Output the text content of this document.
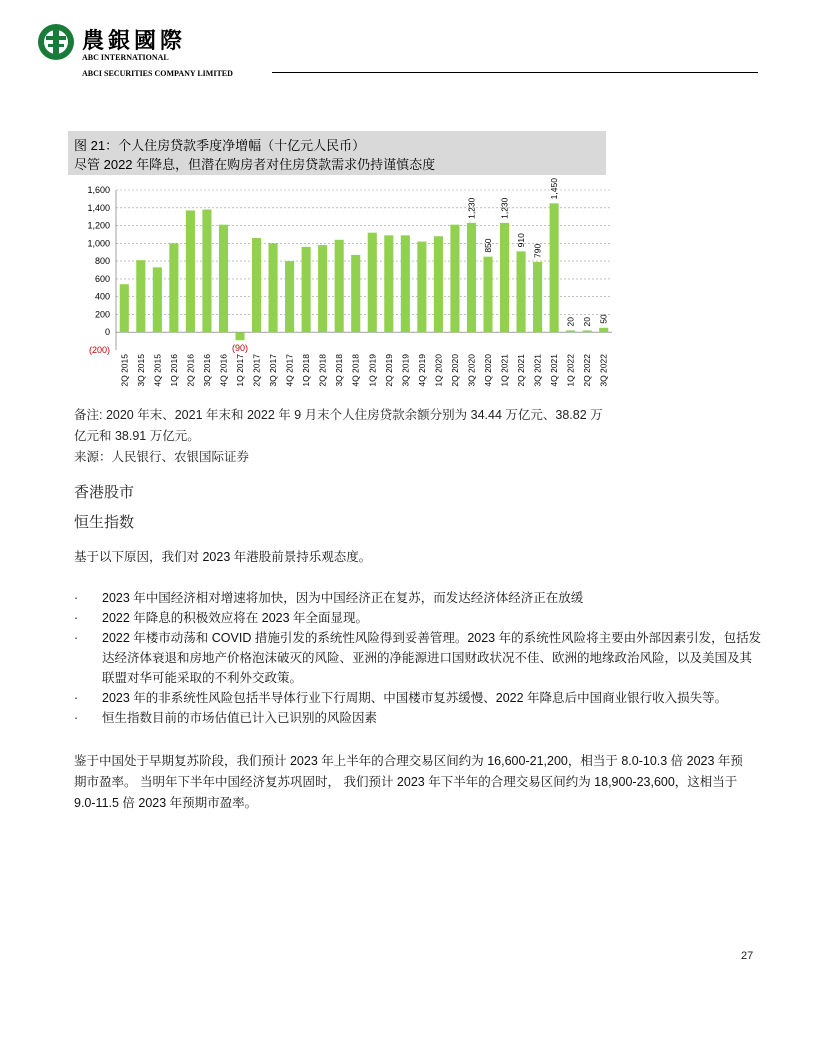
農銀國際
ABC INTERNATIONAL
ABCI SECURITIES COMPANY LIMITED
图 21：个人住房贷款季度净增幅（十亿元人民币）
尽管 2022 年降息，但潜在购房者对住房贷款需求仍持谨慎态度
(200)
0
200
400
600
800
1,000
1,200
1,400
1,600
2Q 2015 3Q 2015 4Q 2015 1Q 2016 2Q 2016 3Q 2016 4Q 2016 1Q 2017
(90)
2Q 2017 3Q 2017 4Q 2017 1Q 2018 2Q 2018 3Q 2018 4Q 2018 1Q 2019 2Q 2019 3Q 2019 4Q 2019 1Q 2020 2Q 2020 3Q 2020
1,230
4Q 2020
850
1Q 2021
1,230
2Q 2021
910
3Q 2021
790
4Q 2021
1,450
1Q 2022
20
2Q 2022
20
3Q 2022
50
备注: 2020 年末、2021 年末和 2022 年 9 月末个人住房贷款余额分别为 34.44 万亿元、38.82 万亿元和 38.91 万亿元。
来源：人民银行、农银国际证券
香港股市
恒生指数
基于以下原因，我们对 2023 年港股前景持乐观态度。
· 2023 年中国经济相对增速将加快，因为中国经济正在复苏，而发达经济体经济正在放缓
· 2022 年降息的积极效应将在 2023 年全面显现。
· 2022 年楼市动荡和 COVID 措施引发的系统性风险得到妥善管理。2023 年的系统性风险将主要由外部因素引发，包括发达经济体衰退和房地产价格泡沫破灭的风险、亚洲的净能源进口国财政状况不佳、欧洲的地缘政治风险，以及美国及其联盟对华可能采取的不利外交政策。
· 2023 年的非系统性风险包括半导体行业下行周期、中国楼市复苏缓慢、2022 年降息后中国商业银行收入损失等。
· 恒生指数目前的市场估值已计入已识别的风险因素
鉴于中国处于早期复苏阶段，我们预计 2023 年上半年的合理交易区间约为 16,600-21,200，相当于 8.0-10.3 倍 2023 年预期市盈率。 当明年下半年中国经济复苏巩固时， 我们预计 2023 年下半年的合理交易区间约为 18,900-23,600，这相当于 9.0-11.5 倍 2023 年预期市盈率。
27
